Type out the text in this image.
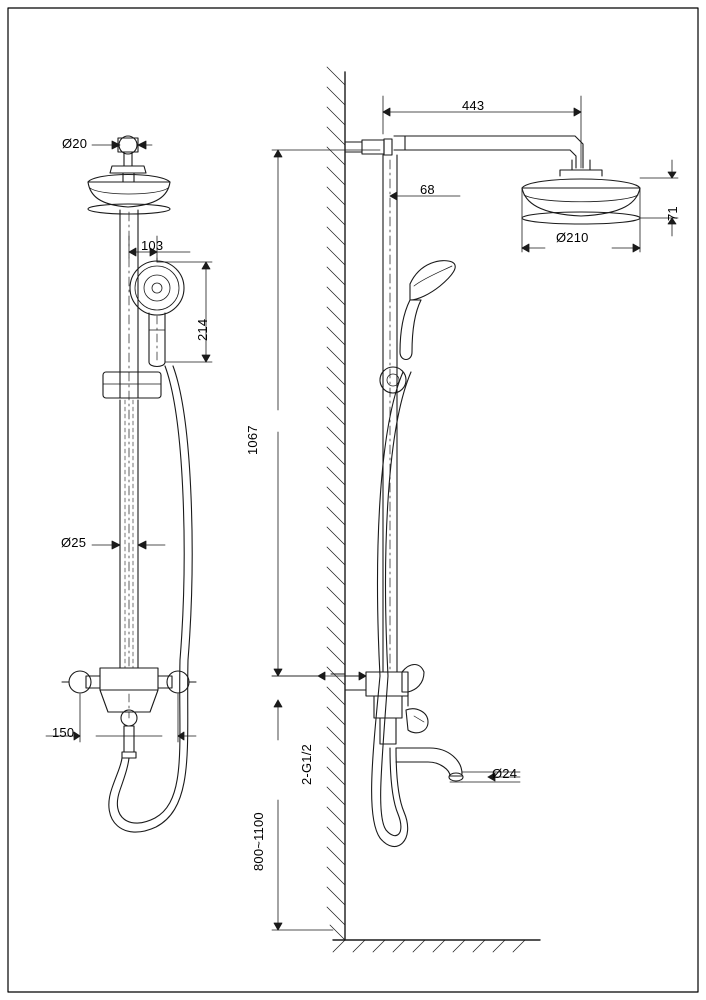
Ø20
103
214
Ø25
150
443
68
71
Ø210
1067
2-G1/2	Ø24
800~1100
